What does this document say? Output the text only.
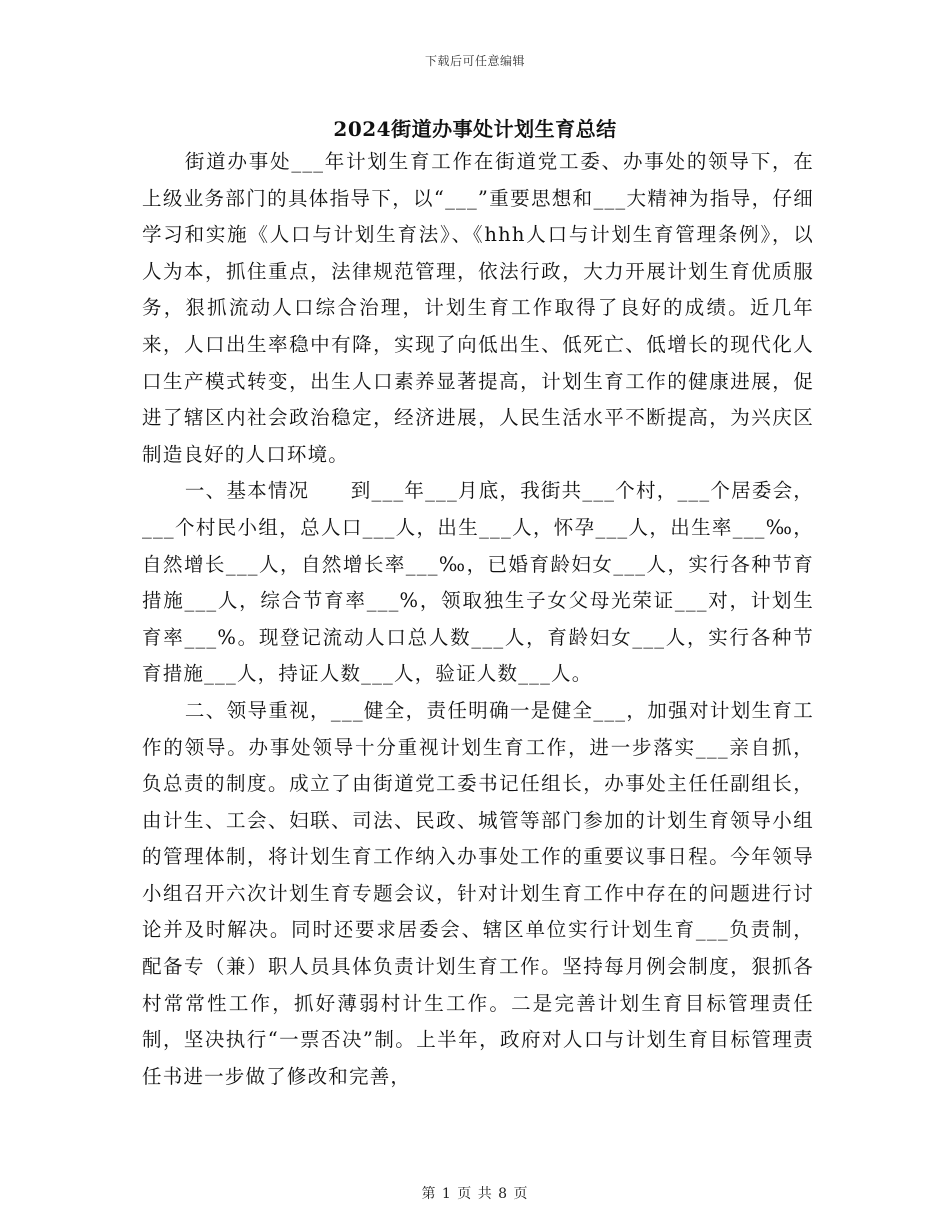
下载后可任意编辑
2024街道办事处计划生育总结

街道办事处___年计划生育工作在街道党工委、办事处的领导下，在上级业务部门的具体指导下，以“___”重要思想和___大精神为指导，仔细学习和实施《人口与计划生育法》、《hhh人口与计划生育管理条例》，以人为本，抓住重点，法律规范管理，依法行政，大力开展计划生育优质服务，狠抓流动人口综合治理，计划生育工作取得了良好的成绩。近几年来，人口出生率稳中有降，实现了向低出生、低死亡、低增长的现代化人口生产模式转变，出生人口素养显著提高，计划生育工作的健康进展，促进了辖区内社会政治稳定，经济进展，人民生活水平不断提高，为兴庆区制造良好的人口环境。

一、基本情况　　到___年___月底，我街共___个村，___个居委会，___个村民小组，总人口___人，出生___人，怀孕___人，出生率___‰，自然增长___人，自然增长率___‰，已婚育龄妇女___人，实行各种节育措施___人，综合节育率___%，领取独生子女父母光荣证___对，计划生育率___%。现登记流动人口总人数___人，育龄妇女___人，实行各种节育措施___人，持证人数___人，验证人数___人。

二、领导重视，___健全，责任明确一是健全___，加强对计划生育工作的领导。办事处领导十分重视计划生育工作，进一步落实___亲自抓，负总责的制度。成立了由街道党工委书记任组长，办事处主任任副组长，由计生、工会、妇联、司法、民政、城管等部门参加的计划生育领导小组的管理体制，将计划生育工作纳入办事处工作的重要议事日程。今年领导小组召开六次计划生育专题会议，针对计划生育工作中存在的问题进行讨论并及时解决。同时还要求居委会、辖区单位实行计划生育___负责制，配备专（兼）职人员具体负责计划生育工作。坚持每月例会制度，狠抓各村常常性工作，抓好薄弱村计生工作。二是完善计划生育目标管理责任制，坚决执行“一票否决”制。上半年，政府对人口与计划生育目标管理责任书进一步做了修改和完善，

第 1 页 共 8 页
